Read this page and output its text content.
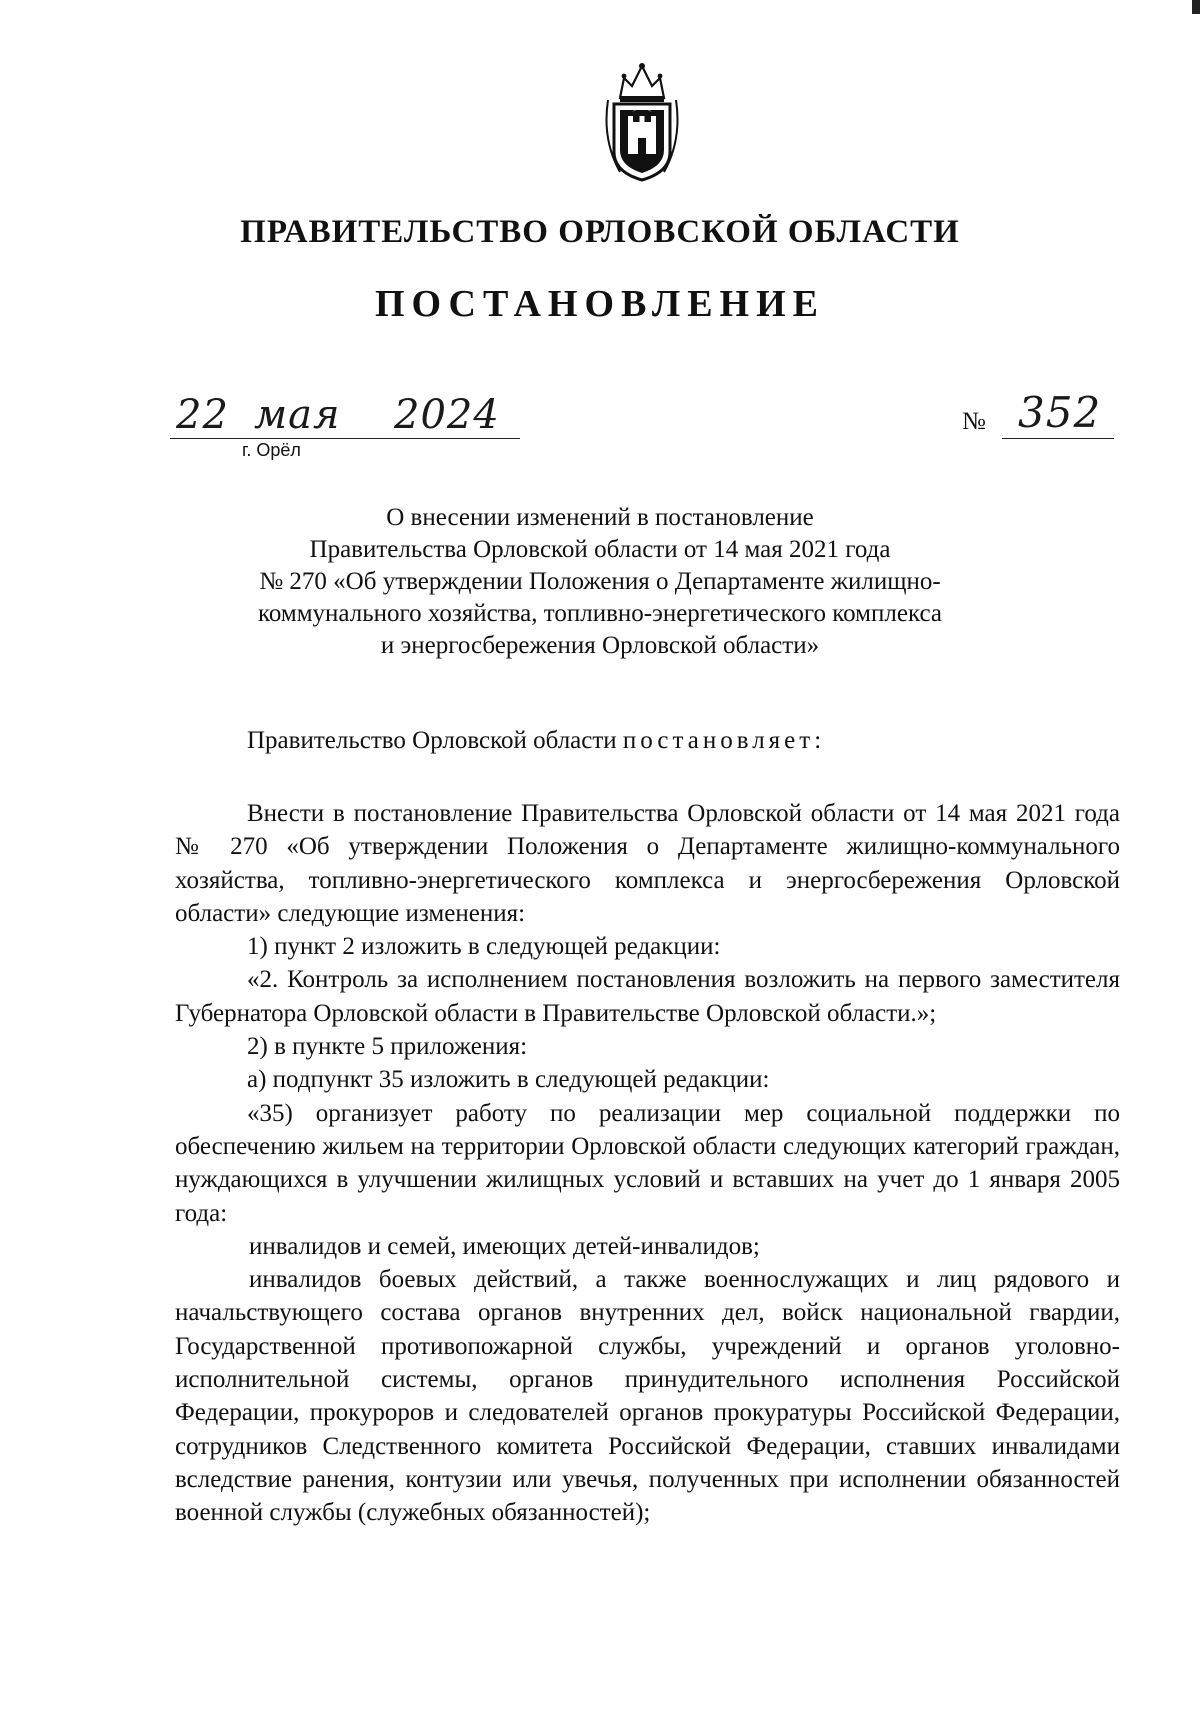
ПРАВИТЕЛЬСТВО ОРЛОВСКОЙ ОБЛАСТИ
ПОСТАНОВЛЕНИЕ
22 мая 2024
г. Орёл
№ 352
О внесении изменений в постановление
Правительства Орловской области от 14 мая 2021 года
№ 270 «Об утверждении Положения о Департаменте жилищно-
коммунального хозяйства, топливно-энергетического комплекса
и энергосбережения Орловской области»
Правительство Орловской области постановляет:
Внести в постановление Правительства Орловской области от 14 мая 2021 года № 270 «Об утверждении Положения о Департаменте жилищно-коммунального хозяйства, топливно-энергетического комплекса и энергосбережения Орловской области» следующие изменения:
1) пункт 2 изложить в следующей редакции:
«2. Контроль за исполнением постановления возложить на первого заместителя Губернатора Орловской области в Правительстве Орловской области.»;
2) в пункте 5 приложения:
а) подпункт 35 изложить в следующей редакции:
«35) организует работу по реализации мер социальной поддержки по обеспечению жильем на территории Орловской области следующих категорий граждан, нуждающихся в улучшении жилищных условий и вставших на учет до 1 января 2005 года:
инвалидов и семей, имеющих детей-инвалидов;
инвалидов боевых действий, а также военнослужащих и лиц рядового и начальствующего состава органов внутренних дел, войск национальной гвардии, Государственной противопожарной службы, учреждений и органов уголовно-исполнительной системы, органов принудительного исполнения Российской Федерации, прокуроров и следователей органов прокуратуры Российской Федерации, сотрудников Следственного комитета Российской Федерации, ставших инвалидами вследствие ранения, контузии или увечья, полученных при исполнении обязанностей военной службы (служебных обязанностей);
